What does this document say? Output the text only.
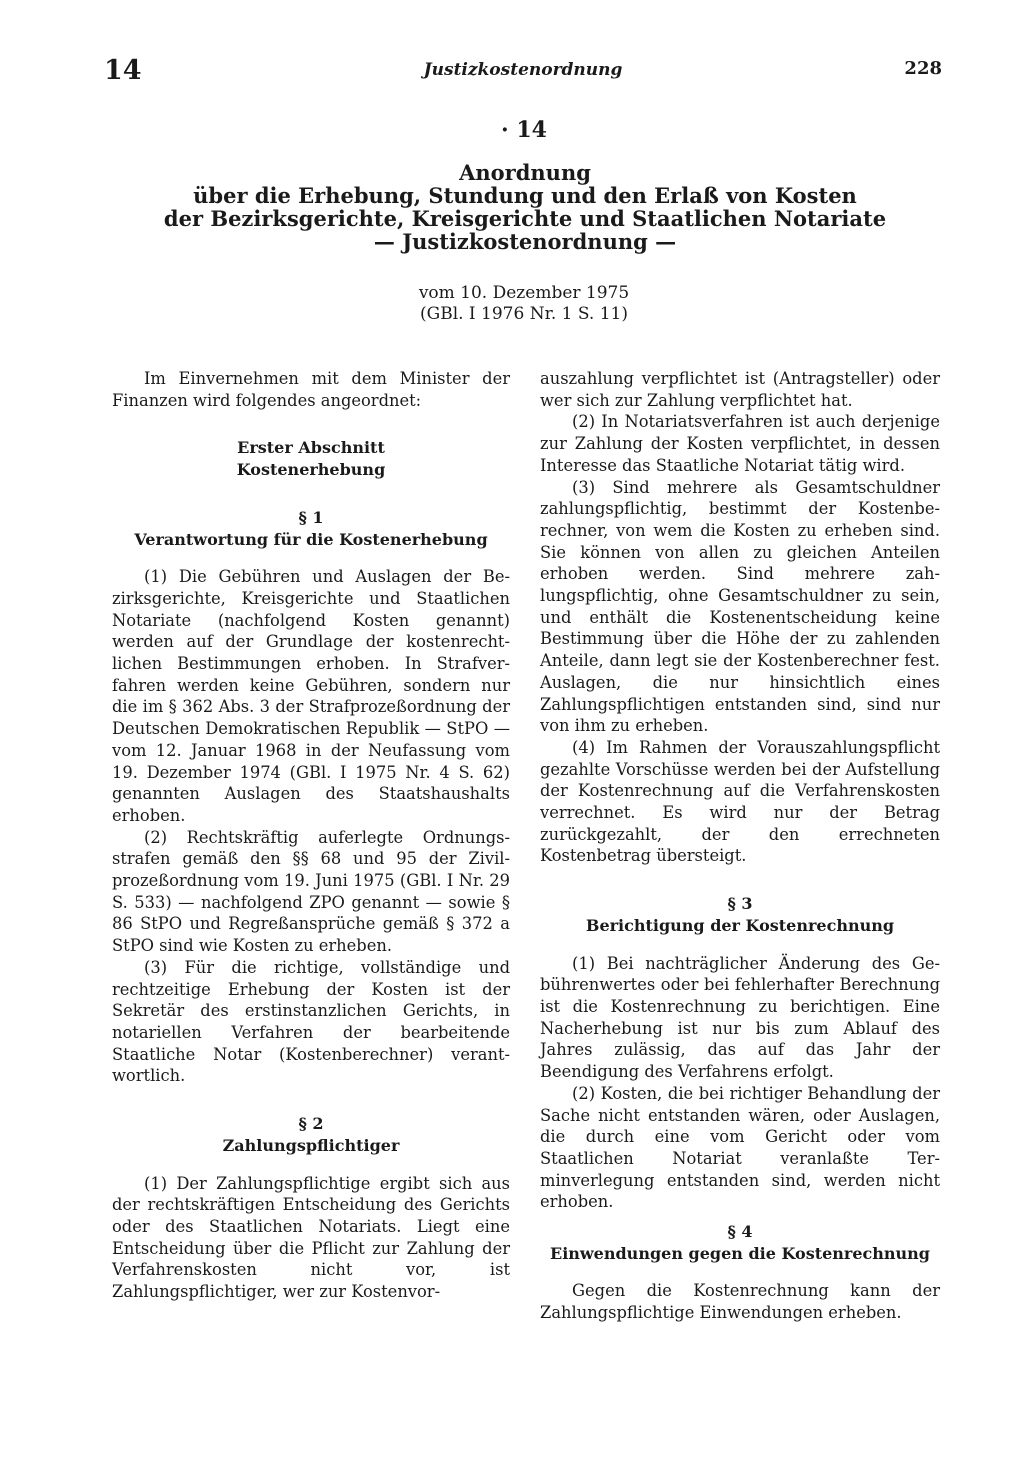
14	Justizkostenordnung	228
· 14
Anordnung
über die Erhebung, Stundung und den Erlaß von Kosten
der Bezirksgerichte, Kreisgerichte und Staatlichen Notariate
— Justizkostenordnung —
vom 10. Dezember 1975
(GBl. I 1976 Nr. 1 S. 11)

Im Einvernehmen mit dem Minister der Finanzen wird folgendes angeordnet:

Erster Abschnitt
Kostenerhebung
§ 1
Verantwortung für die Kostenerhebung

(1) Die Gebühren und Auslagen der Bezirksgerichte, Kreisgerichte und Staatlichen Notariate (nachfolgend Kosten genannt) werden auf der Grundlage der kostenrechtlichen Bestimmungen erhoben. In Strafverfahren werden keine Gebühren, sondern nur die im § 362 Abs. 3 der Strafprozeßordnung der Deutschen Demokratischen Republik — StPO — vom 12. Januar 1968 in der Neufassung vom 19. Dezember 1974 (GBl. I 1975 Nr. 4 S. 62) genannten Auslagen des Staatshaushalts erhoben.

(2) Rechtskräftig auferlegte Ordnungsstrafen gemäß den §§ 68 und 95 der Zivilprozeßordnung vom 19. Juni 1975 (GBl. I Nr. 29 S. 533) — nachfolgend ZPO genannt — sowie § 86 StPO und Regreßansprüche gemäß § 372 a StPO sind wie Kosten zu erheben.

(3) Für die richtige, vollständige und rechtzeitige Erhebung der Kosten ist der Sekretär des erstinstanzlichen Gerichts, in notariellen Verfahren der bearbeitende Staatliche Notar (Kostenberechner) verantwortlich.

§ 2
Zahlungspflichtiger

(1) Der Zahlungspflichtige ergibt sich aus der rechtskräftigen Entscheidung des Gerichts oder des Staatlichen Notariats. Liegt eine Entscheidung über die Pflicht zur Zahlung der Verfahrenskosten nicht vor, ist Zahlungspflichtiger, wer zur Kostenvor-

auszahlung verpflichtet ist (Antragsteller) oder wer sich zur Zahlung verpflichtet hat.

(2) In Notariatsverfahren ist auch derjenige zur Zahlung der Kosten verpflichtet, in dessen Interesse das Staatliche Notariat tätig wird.

(3) Sind mehrere als Gesamtschuldner zahlungspflichtig, bestimmt der Kostenberechner, von wem die Kosten zu erheben sind. Sie können von allen zu gleichen Anteilen erhoben werden. Sind mehrere zahlungspflichtig, ohne Gesamtschuldner zu sein, und enthält die Kostenentscheidung keine Bestimmung über die Höhe der zu zahlenden Anteile, dann legt sie der Kostenberechner fest. Auslagen, die nur hinsichtlich eines Zahlungspflichtigen entstanden sind, sind nur von ihm zu erheben.

(4) Im Rahmen der Vorauszahlungspflicht gezahlte Vorschüsse werden bei der Aufstellung der Kostenrechnung auf die Verfahrenskosten verrechnet. Es wird nur der Betrag zurückgezahlt, der den errechneten Kostenbetrag übersteigt.

§ 3
Berichtigung der Kostenrechnung

(1) Bei nachträglicher Änderung des Gebührenwertes oder bei fehlerhafter Berechnung ist die Kostenrechnung zu berichtigen. Eine Nacherhebung ist nur bis zum Ablauf des Jahres zulässig, das auf das Jahr der Beendigung des Verfahrens erfolgt.

(2) Kosten, die bei richtiger Behandlung der Sache nicht entstanden wären, oder Auslagen, die durch eine vom Gericht oder vom Staatlichen Notariat veranlaßte Terminverlegung entstanden sind, werden nicht erhoben.

§ 4
Einwendungen gegen die Kostenrechnung

Gegen die Kostenrechnung kann der Zahlungspflichtige Einwendungen erheben.
